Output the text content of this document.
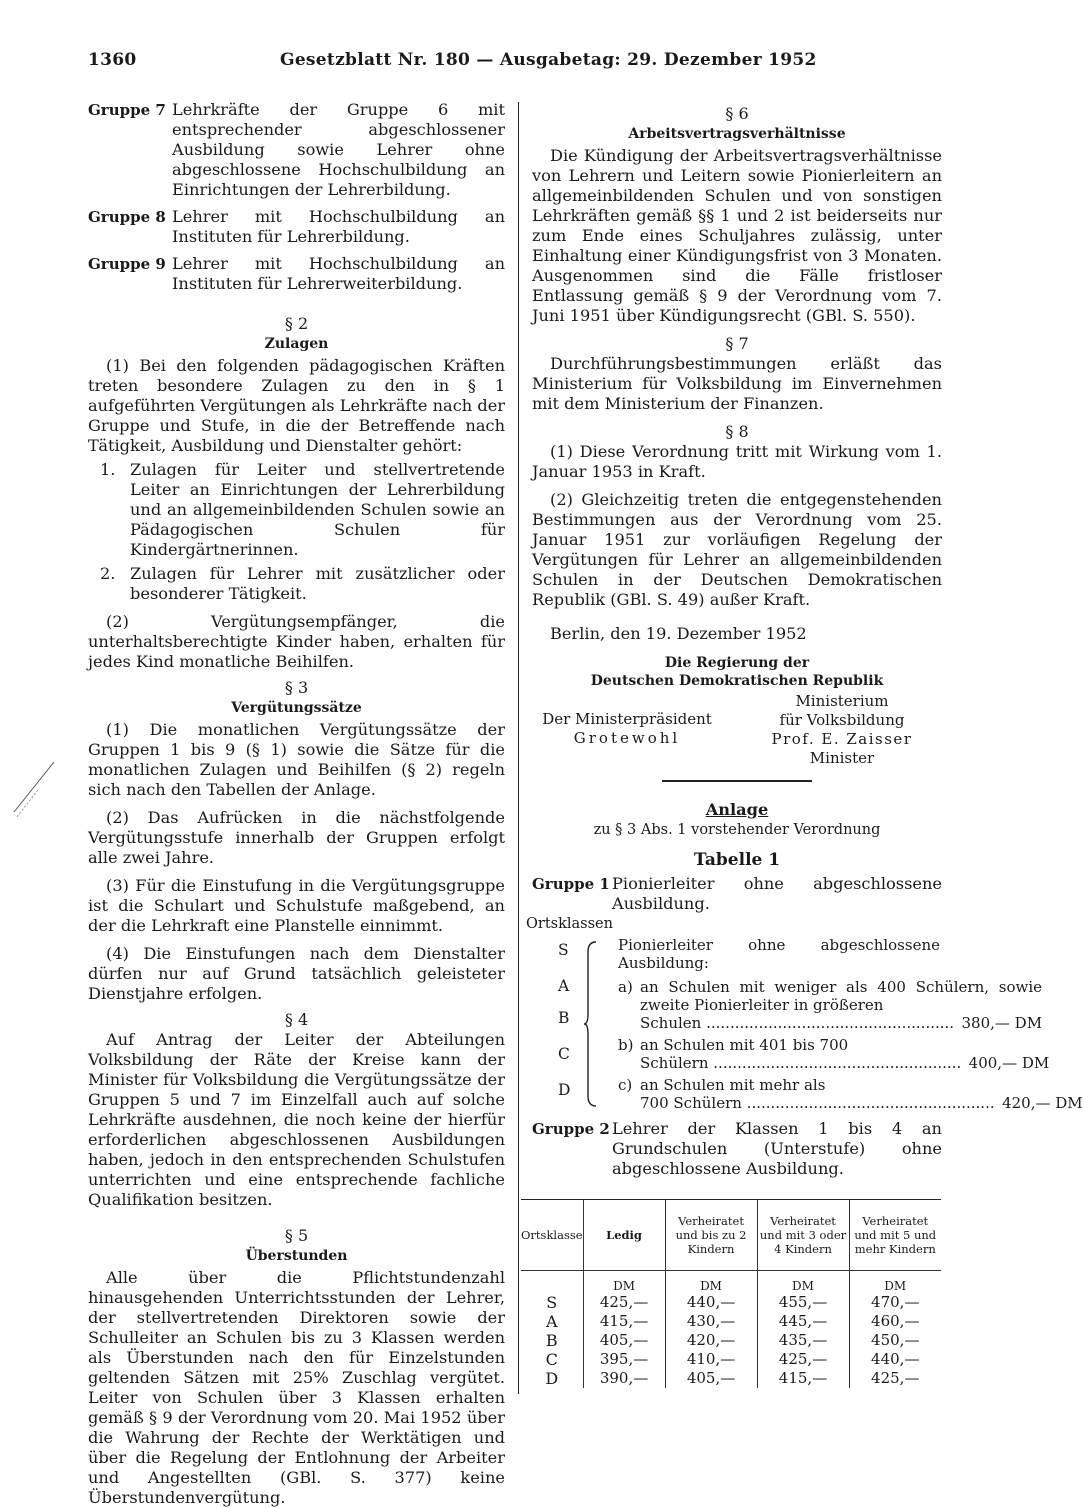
1360	Gesetzblatt Nr. 180 — Ausgabetag: 29. Dezember 1952
Gruppe 7 Lehrkräfte der Gruppe 6 mit entsprechender abgeschlossener Ausbildung sowie Lehrer ohne abgeschlossene Hochschulbildung an Einrichtungen der Lehrerbildung.
Gruppe 8 Lehrer mit Hochschulbildung an Instituten für Lehrerbildung.
Gruppe 9 Lehrer mit Hochschulbildung an Instituten für Lehrerweiterbildung.
§ 2
Zulagen

(1) Bei den folgenden pädagogischen Kräften treten besondere Zulagen zu den in § 1 aufgeführten Vergütungen als Lehrkräfte nach der Gruppe und Stufe, in die der Betreffende nach Tätigkeit, Ausbildung und Dienstalter gehört:

1. Zulagen für Leiter und stellvertretende Leiter an Einrichtungen der Lehrerbildung und an allgemeinbildenden Schulen sowie an Pädagogischen Schulen für Kindergärtnerinnen.
2. Zulagen für Lehrer mit zusätzlicher oder besonderer Tätigkeit.

(2) Vergütungsempfänger, die unterhaltsberechtigte Kinder haben, erhalten für jedes Kind monatliche Beihilfen.

§ 3
Vergütungssätze

(1) Die monatlichen Vergütungssätze der Gruppen 1 bis 9 (§ 1) sowie die Sätze für die monatlichen Zulagen und Beihilfen (§ 2) regeln sich nach den Tabellen der Anlage.

(2) Das Aufrücken in die nächstfolgende Vergütungsstufe innerhalb der Gruppen erfolgt alle zwei Jahre.

(3) Für die Einstufung in die Vergütungsgruppe ist die Schulart und Schulstufe maßgebend, an der die Lehrkraft eine Planstelle einnimmt.

(4) Die Einstufungen nach dem Dienstalter dürfen nur auf Grund tatsächlich geleisteter Dienstjahre erfolgen.

§ 4

Auf Antrag der Leiter der Abteilungen Volksbildung der Räte der Kreise kann der Minister für Volksbildung die Vergütungssätze der Gruppen 5 und 7 im Einzelfall auch auf solche Lehrkräfte ausdehnen, die noch keine der hierfür erforderlichen abgeschlossenen Ausbildungen haben, jedoch in den entsprechenden Schulstufen unterrichten und eine entsprechende fachliche Qualifikation besitzen.

§ 5
Überstunden

Alle über die Pflichtstundenzahl hinausgehenden Unterrichtsstunden der Lehrer, der stellvertretenden Direktoren sowie der Schulleiter an Schulen bis zu 3 Klassen werden als Überstunden nach den für Einzelstunden geltenden Sätzen mit 25% Zuschlag vergütet. Leiter von Schulen über 3 Klassen erhalten gemäß § 9 der Verordnung vom 20. Mai 1952 über die Wahrung der Rechte der Werktätigen und über die Regelung der Entlohnung der Arbeiter und Angestellten (GBl. S. 377) keine Überstundenvergütung.

§ 6
Arbeitsvertragsverhältnisse

Die Kündigung der Arbeitsvertragsverhältnisse von Lehrern und Leitern sowie Pionierleitern an allgemeinbildenden Schulen und von sonstigen Lehrkräften gemäß §§ 1 und 2 ist beiderseits nur zum Ende eines Schuljahres zulässig, unter Einhaltung einer Kündigungsfrist von 3 Monaten. Ausgenommen sind die Fälle fristloser Entlassung gemäß § 9 der Verordnung vom 7. Juni 1951 über Kündigungsrecht (GBl. S. 550).

§ 7

Durchführungsbestimmungen erläßt das Ministerium für Volksbildung im Einvernehmen mit dem Ministerium der Finanzen.

§ 8

(1) Diese Verordnung tritt mit Wirkung vom 1. Januar 1953 in Kraft.

(2) Gleichzeitig treten die entgegenstehenden Bestimmungen aus der Verordnung vom 25. Januar 1951 zur vorläufigen Regelung der Vergütungen für Lehrer an allgemeinbildenden Schulen in der Deutschen Demokratischen Republik (GBl. S. 49) außer Kraft.

Berlin, den 19. Dezember 1952

Die Regierung der
Deutschen Demokratischen Republik
Der Ministerpräsident
Grotewohl
Ministerium
für Volksbildung
Prof. E. Zaisser
Minister
Anlage
zu § 3 Abs. 1 vorstehender Verordnung
Tabelle 1
Gruppe 1 Pionierleiter ohne abgeschlossene Ausbildung.
Ortsklassen
S
A
B
C
D
Pionierleiter ohne abgeschlossene Ausbildung:
a) an Schulen mit weniger als 400 Schülern, sowie zweite Pionierleiter in größeren
Schulen .................................................... 380,— DM
b) an Schulen mit 401 bis 700
Schülern .................................................... 400,— DM
c) an Schulen mit mehr als
700 Schülern .................................................... 420,— DM
Gruppe 2 Lehrer der Klassen 1 bis 4 an Grundschulen (Unterstufe) ohne abgeschlossene Ausbildung.
Ortsklasse	Ledig	Verheiratet und bis zu 2 Kindern	Verheiratet und mit 3 oder 4 Kindern	Verheiratet und mit 5 und mehr Kindern
	DM	DM	DM	DM
S	425,—	440,—	455,—	470,—
A	415,—	430,—	445,—	460,—
B	405,—	420,—	435,—	450,—
C	395,—	410,—	425,—	440,—
D	390,—	405,—	415,—	425,—
